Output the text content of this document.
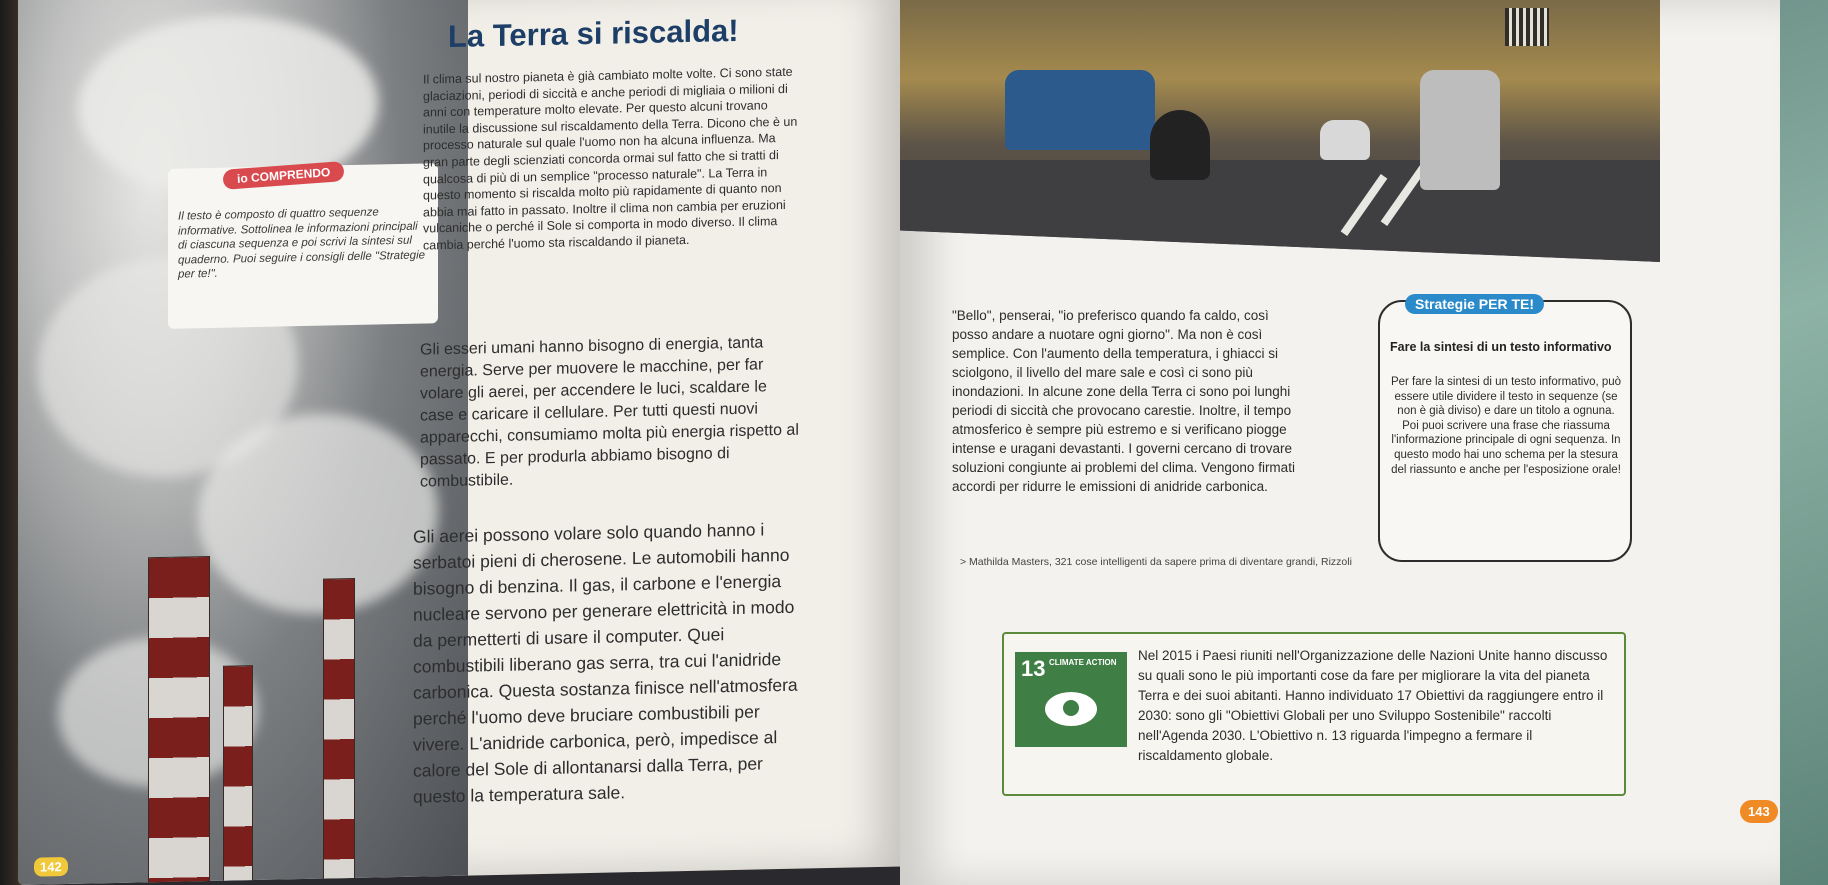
io COMPRENDO
Il testo è composto di quattro sequenze informative. Sottolinea le informazioni principali di ciascuna sequenza e poi scrivi la sintesi sul quaderno. Puoi seguire i consigli delle "Strategie per te!".
La Terra si riscalda!
Il clima sul nostro pianeta è già cambiato molte volte. Ci sono state glaciazioni, periodi di siccità e anche periodi di migliaia o milioni di anni con temperature molto elevate. Per questo alcuni trovano inutile la discussione sul riscaldamento della Terra. Dicono che è un processo naturale sul quale l'uomo non ha alcuna influenza. Ma gran parte degli scienziati concorda ormai sul fatto che si tratti di qualcosa di più di un semplice "processo naturale". La Terra in questo momento si riscalda molto più rapidamente di quanto non abbia mai fatto in passato. Inoltre il clima non cambia per eruzioni vulcaniche o perché il Sole si comporta in modo diverso. Il clima cambia perché l'uomo sta riscaldando il pianeta.
Gli esseri umani hanno bisogno di energia, tanta energia. Serve per muovere le macchine, per far volare gli aerei, per accendere le luci, scaldare le case e caricare il cellulare. Per tutti questi nuovi apparecchi, consumiamo molta più energia rispetto al passato. E per produrla abbiamo bisogno di combustibile.
Gli aerei possono volare solo quando hanno i serbatoi pieni di cherosene. Le automobili hanno bisogno di benzina. Il gas, il carbone e l'energia nucleare servono per generare elettricità in modo da permetterti di usare il computer. Quei combustibili liberano gas serra, tra cui l'anidride carbonica. Questa sostanza finisce nell'atmosfera perché l'uomo deve bruciare combustibili per vivere. L'anidride carbonica, però, impedisce al calore del Sole di allontanarsi dalla Terra, per questo la temperatura sale.
142
"Bello", penserai, "io preferisco quando fa caldo, così posso andare a nuotare ogni giorno". Ma non è così semplice. Con l'aumento della temperatura, i ghiacci si sciolgono, il livello del mare sale e così ci sono più inondazioni. In alcune zone della Terra ci sono poi lunghi periodi di siccità che provocano carestie. Inoltre, il tempo atmosferico è sempre più estremo e si verificano piogge intense e uragani devastanti. I governi cercano di trovare soluzioni congiunte ai problemi del clima. Vengono firmati accordi per ridurre le emissioni di anidride carbonica.
> Mathilda Masters, 321 cose intelligenti da sapere prima di diventare grandi, Rizzoli
Strategie PER TE!
Fare la sintesi di un testo informativo
Per fare la sintesi di un testo informativo, può essere utile dividere il testo in sequenze (se non è già diviso) e dare un titolo a ognuna. Poi puoi scrivere una frase che riassuma l'informazione principale di ogni sequenza. In questo modo hai uno schema per la stesura del riassunto e anche per l'esposizione orale!
13 CLIMATE ACTION Nel 2015 i Paesi riuniti nell'Organizzazione delle Nazioni Unite hanno discusso su quali sono le più importanti cose da fare per migliorare la vita del pianeta Terra e dei suoi abitanti. Hanno individuato 17 Obiettivi da raggiungere entro il 2030: sono gli "Obiettivi Globali per uno Sviluppo Sostenibile" raccolti nell'Agenda 2030. L'Obiettivo n. 13 riguarda l'impegno a fermare il riscaldamento globale.
143
